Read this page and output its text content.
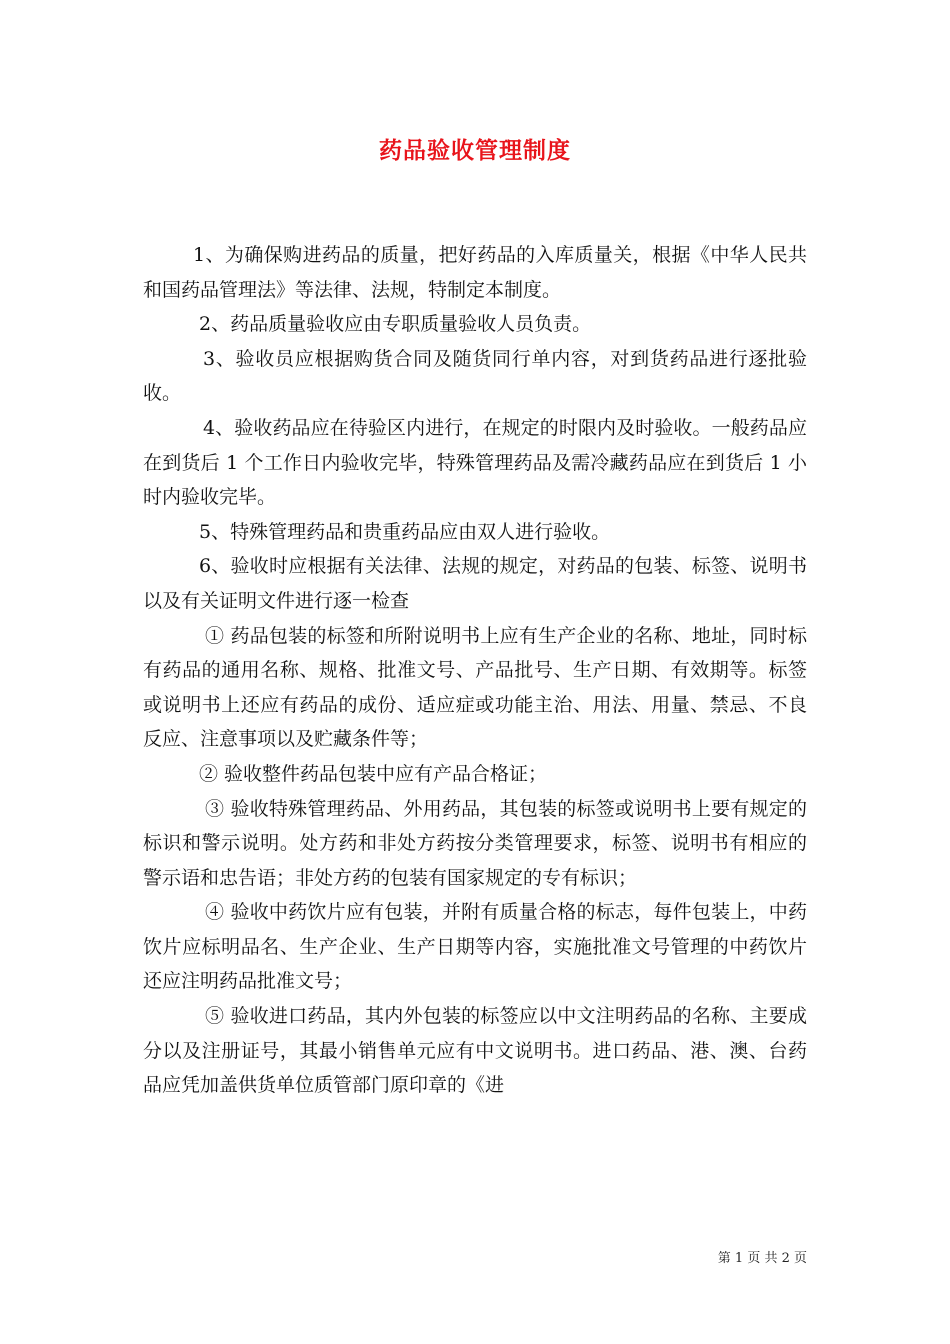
药品验收管理制度

1、为确保购进药品的质量，把好药品的入库质量关，根据《中华人民共和国药品管理法》等法律、法规，特制定本制度。

2、药品质量验收应由专职质量验收人员负责。

3、验收员应根据购货合同及随货同行单内容，对到货药品进行逐批验收。

4、验收药品应在待验区内进行，在规定的时限内及时验收。一般药品应在到货后 1 个工作日内验收完毕，特殊管理药品及需冷藏药品应在到货后 1 小时内验收完毕。

5、特殊管理药品和贵重药品应由双人进行验收。

6、验收时应根据有关法律、法规的规定，对药品的包装、标签、说明书以及有关证明文件进行逐一检查

① 药品包装的标签和所附说明书上应有生产企业的名称、地址，同时标有药品的通用名称、规格、批准文号、产品批号、生产日期、有效期等。标签或说明书上还应有药品的成份、适应症或功能主治、用法、用量、禁忌、不良反应、注意事项以及贮藏条件等；

② 验收整件药品包装中应有产品合格证；

③ 验收特殊管理药品、外用药品，其包装的标签或说明书上要有规定的标识和警示说明。处方药和非处方药按分类管理要求，标签、说明书有相应的警示语和忠告语；非处方药的包装有国家规定的专有标识；

④ 验收中药饮片应有包装，并附有质量合格的标志，每件包装上，中药饮片应标明品名、生产企业、生产日期等内容，实施批准文号管理的中药饮片还应注明药品批准文号；

⑤ 验收进口药品，其内外包装的标签应以中文注明药品的名称、主要成分以及注册证号，其最小销售单元应有中文说明书。进口药品、港、澳、台药品应凭加盖供货单位质管部门原印章的《进

第 1 页 共 2 页
